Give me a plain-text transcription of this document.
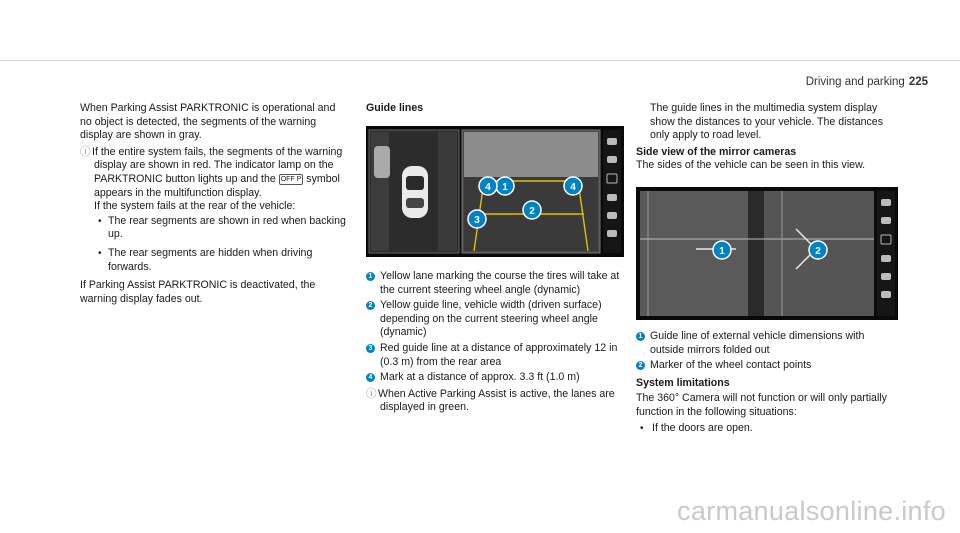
Driving and parking 225

When Parking Assist PARKTRONIC is operational and no object is detected, the segments of the warning display are shown in gray.

ⓘIf the entire system fails, the segments of the warning display are shown in red. The indicator lamp on the PARKTRONIC button lights up and the OFF P symbol appears in the multifunction display.

If the system fails at the rear of the vehicle:

• The rear segments are shown in red when backing up.
• The rear segments are hidden when driving forwards.

If Parking Assist PARKTRONIC is deactivated, the warning display fades out.

Guide lines

1
2
3
4	4
1 Yellow lane marking the course the tires will take at the current steering wheel angle (dynamic)
2 Yellow guide line, vehicle width (driven surface) depending on the current steering wheel angle (dynamic)
3 Red guide line at a distance of approximately 12 in (0.3 m) from the rear area
4 Mark at a distance of approx. 3.3 ft (1.0 m)
ⓘWhen Active Parking Assist is active, the lanes are displayed in green.
The guide lines in the multimedia system display show the distances to your vehicle. The distances only apply to road level.

Side view of the mirror cameras

The sides of the vehicle can be seen in this view.

1	2
1 Guide line of external vehicle dimensions with outside mirrors folded out
2 Marker of the wheel contact points

System limitations

The 360° Camera will not function or will only partially function in the following situations:

• If the doors are open.
carmanualsonline.info
